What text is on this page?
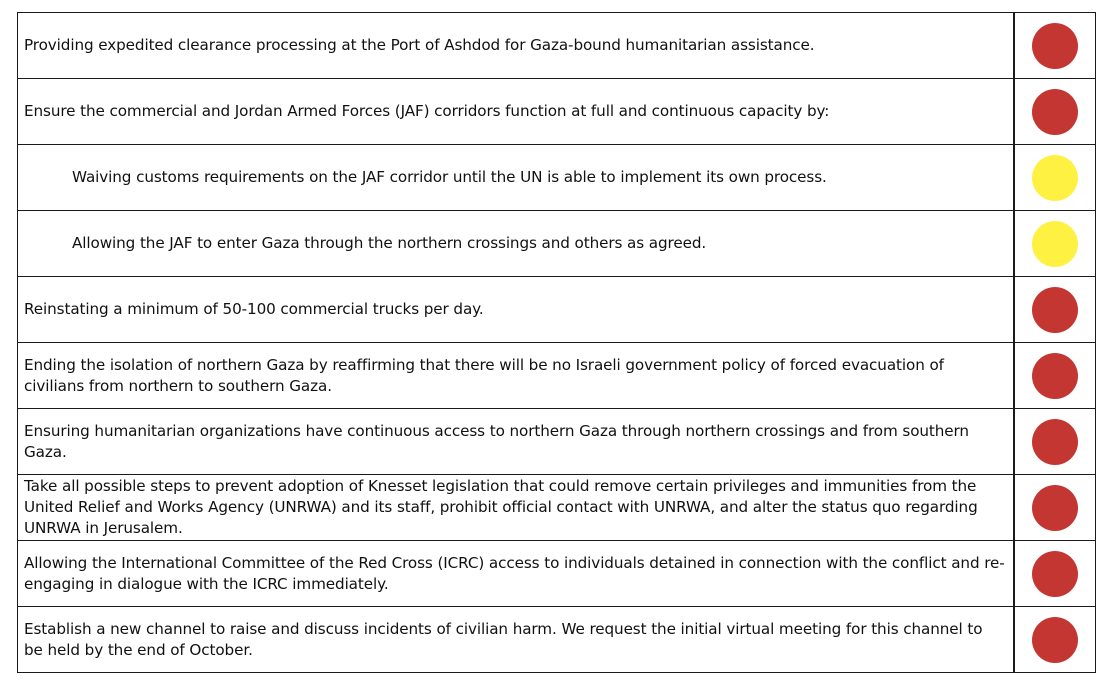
Providing expedited clearance processing at the Port of Ashdod for Gaza-bound humanitarian assistance.	

Ensure the commercial and Jordan Armed Forces (JAF) corridors function at full and continuous capacity by:	

Waiving customs requirements on the JAF corridor until the UN is able to implement its own process.	

Allowing the JAF to enter Gaza through the northern crossings and others as agreed.	

Reinstating a minimum of 50-100 commercial trucks per day.	

Ending the isolation of northern Gaza by reaffirming that there will be no Israeli government policy of forced evacuation of civilians from northern to southern Gaza.	

Ensuring humanitarian organizations have continuous access to northern Gaza through northern crossings and from southern Gaza.	

Take all possible steps to prevent adoption of Knesset legislation that could remove certain privileges and immunities from the United Relief and Works Agency (UNRWA) and its staff, prohibit official contact with UNRWA, and alter the status quo regarding UNRWA in Jerusalem.	

Allowing the International Committee of the Red Cross (ICRC) access to individuals detained in connection with the conflict and re-engaging in dialogue with the ICRC immediately.	

Establish a new channel to raise and discuss incidents of civilian harm. We request the initial virtual meeting for this channel to be held by the end of October.	
